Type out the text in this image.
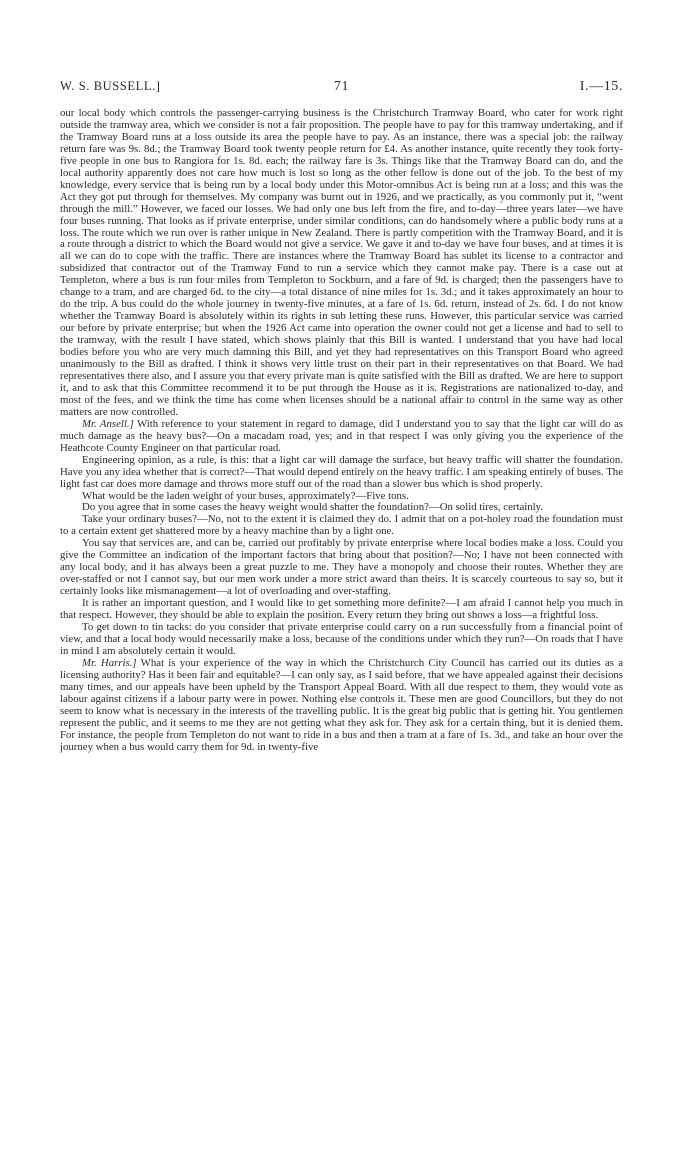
71
W. S. BUSSELL.]	I.—15.

our local body which controls the passenger-carrying business is the Christchurch Tramway Board, who cater for work right outside the tramway area, which we consider is not a fair proposition. The people have to pay for this tramway undertaking, and if the Tramway Board runs at a loss outside its area the people have to pay. As an instance, there was a special job: the railway return fare was 9s. 8d.; the Tramway Board took twenty people return for £4. As another instance, quite recently they took forty-five people in one bus to Rangiora for 1s. 8d. each; the railway fare is 3s. Things like that the Tramway Board can do, and the local authority apparently does not care how much is lost so long as the other fellow is done out of the job. To the best of my knowledge, every service that is being run by a local body under this Motor-omnibus Act is being run at a loss; and this was the Act they got put through for themselves. My company was burnt out in 1926, and we practically, as you commonly put it, “went through the mill.” However, we faced our losses. We had only one bus left from the fire, and to-day—three years later—we have four buses running. That looks as if private enterprise, under similar conditions, can do handsomely where a public body runs at a loss. The route which we run over is rather unique in New Zealand. There is partly competition with the Tramway Board, and it is a route through a district to which the Board would not give a service. We gave it and to-day we have four buses, and at times it is all we can do to cope with the traffic. There are instances where the Tramway Board has sublet its license to a contractor and subsidized that contractor out of the Tramway Fund to run a service which they cannot make pay. There is a case out at Templeton, where a bus is run four miles from Templeton to Sockburn, and a fare of 9d. is charged; then the passengers have to change to a tram, and are charged 6d. to the city—a total distance of nine miles for 1s. 3d.; and it takes approximately an hour to do the trip. A bus could do the whole journey in twenty-five minutes, at a fare of 1s. 6d. return, instead of 2s. 6d. I do not know whether the Tramway Board is absolutely within its rights in sub letting these runs. However, this particular service was carried our before by private enterprise; but when the 1926 Act came into operation the owner could not get a license and had to sell to the tramway, with the result I have stated, which shows plainly that this Bill is wanted. I understand that you have had local bodies before you who are very much damning this Bill, and yet they had representatives on this Transport Board who agreed unanimously to the Bill as drafted. I think it shows very little trust on their part in their representatives on that Board. We had representatives there also, and I assure you that every private man is quite satisfied with the Bill as drafted. We are here to support it, and to ask that this Committee recommend it to be put through the House as it is. Registrations are nationalized to-day, and most of the fees, and we think the time has come when licenses should be a national affair to control in the same way as other matters are now controlled.

Mr. Ansell.] With reference to your statement in regard to damage, did I understand you to say that the light car will do as much damage as the heavy bus?—On a macadam road, yes; and in that respect I was only giving you the experience of the Heathcote County Engineer on that particular road.

Engineering opinion, as a rule, is this: that a light car will damage the surface, but heavy traffic will shatter the foundation. Have you any idea whether that is correct?—That would depend entirely on the heavy traffic. I am speaking entirely of buses. The light fast car does more damage and throws more stuff out of the road than a slower bus which is shod properly.

What would be the laden weight of your buses, approximately?—Five tons.

Do you agree that in some cases the heavy weight would shatter the foundation?—On solid tires, certainly.

Take your ordinary buses?—No, not to the extent it is claimed they do. I admit that on a pot-holey road the foundation must to a certain extent get shattered more by a heavy machine than by a light one.

You say that services are, and can be, carried out profitably by private enterprise where local bodies make a loss. Could you give the Committee an indication of the important factors that bring about that position?—No; I have not been connected with any local body, and it has always been a great puzzle to me. They have a monopoly and choose their routes. Whether they are over-staffed or not I cannot say, but our men work under a more strict award than theirs. It is scarcely courteous to say so, but it certainly looks like mismanagement—a lot of overloading and over-staffing.

It is rather an important question, and I would like to get something more definite?—I am afraid I cannot help you much in that respect. However, they should be able to explain the position. Every return they bring out shows a loss—a frightful loss.

To get down to tin tacks: do you consider that private enterprise could carry on a run successfully from a financial point of view, and that a local body would necessarily make a loss, because of the conditions under which they run?—On roads that I have in mind I am absolutely certain it would.

Mr. Harris.] What is your experience of the way in which the Christchurch City Council has carried out its duties as a licensing authority? Has it been fair and equitable?—I can only say, as I said before, that we have appealed against their decisions many times, and our appeals have been upheld by the Transport Appeal Board. With all due respect to them, they would vote as labour against citizens if a labour party were in power. Nothing else controls it. These men are good Councillors, but they do not seem to know what is necessary in the interests of the travelling public. It is the great big public that is getting hit. You gentlemen represent the public, and it seems to me they are not getting what they ask for. They ask for a certain thing, but it is denied them. For instance, the people from Templeton do not want to ride in a bus and then a tram at a fare of 1s. 3d., and take an hour over the journey when a bus would carry them for 9d. in twenty-five
